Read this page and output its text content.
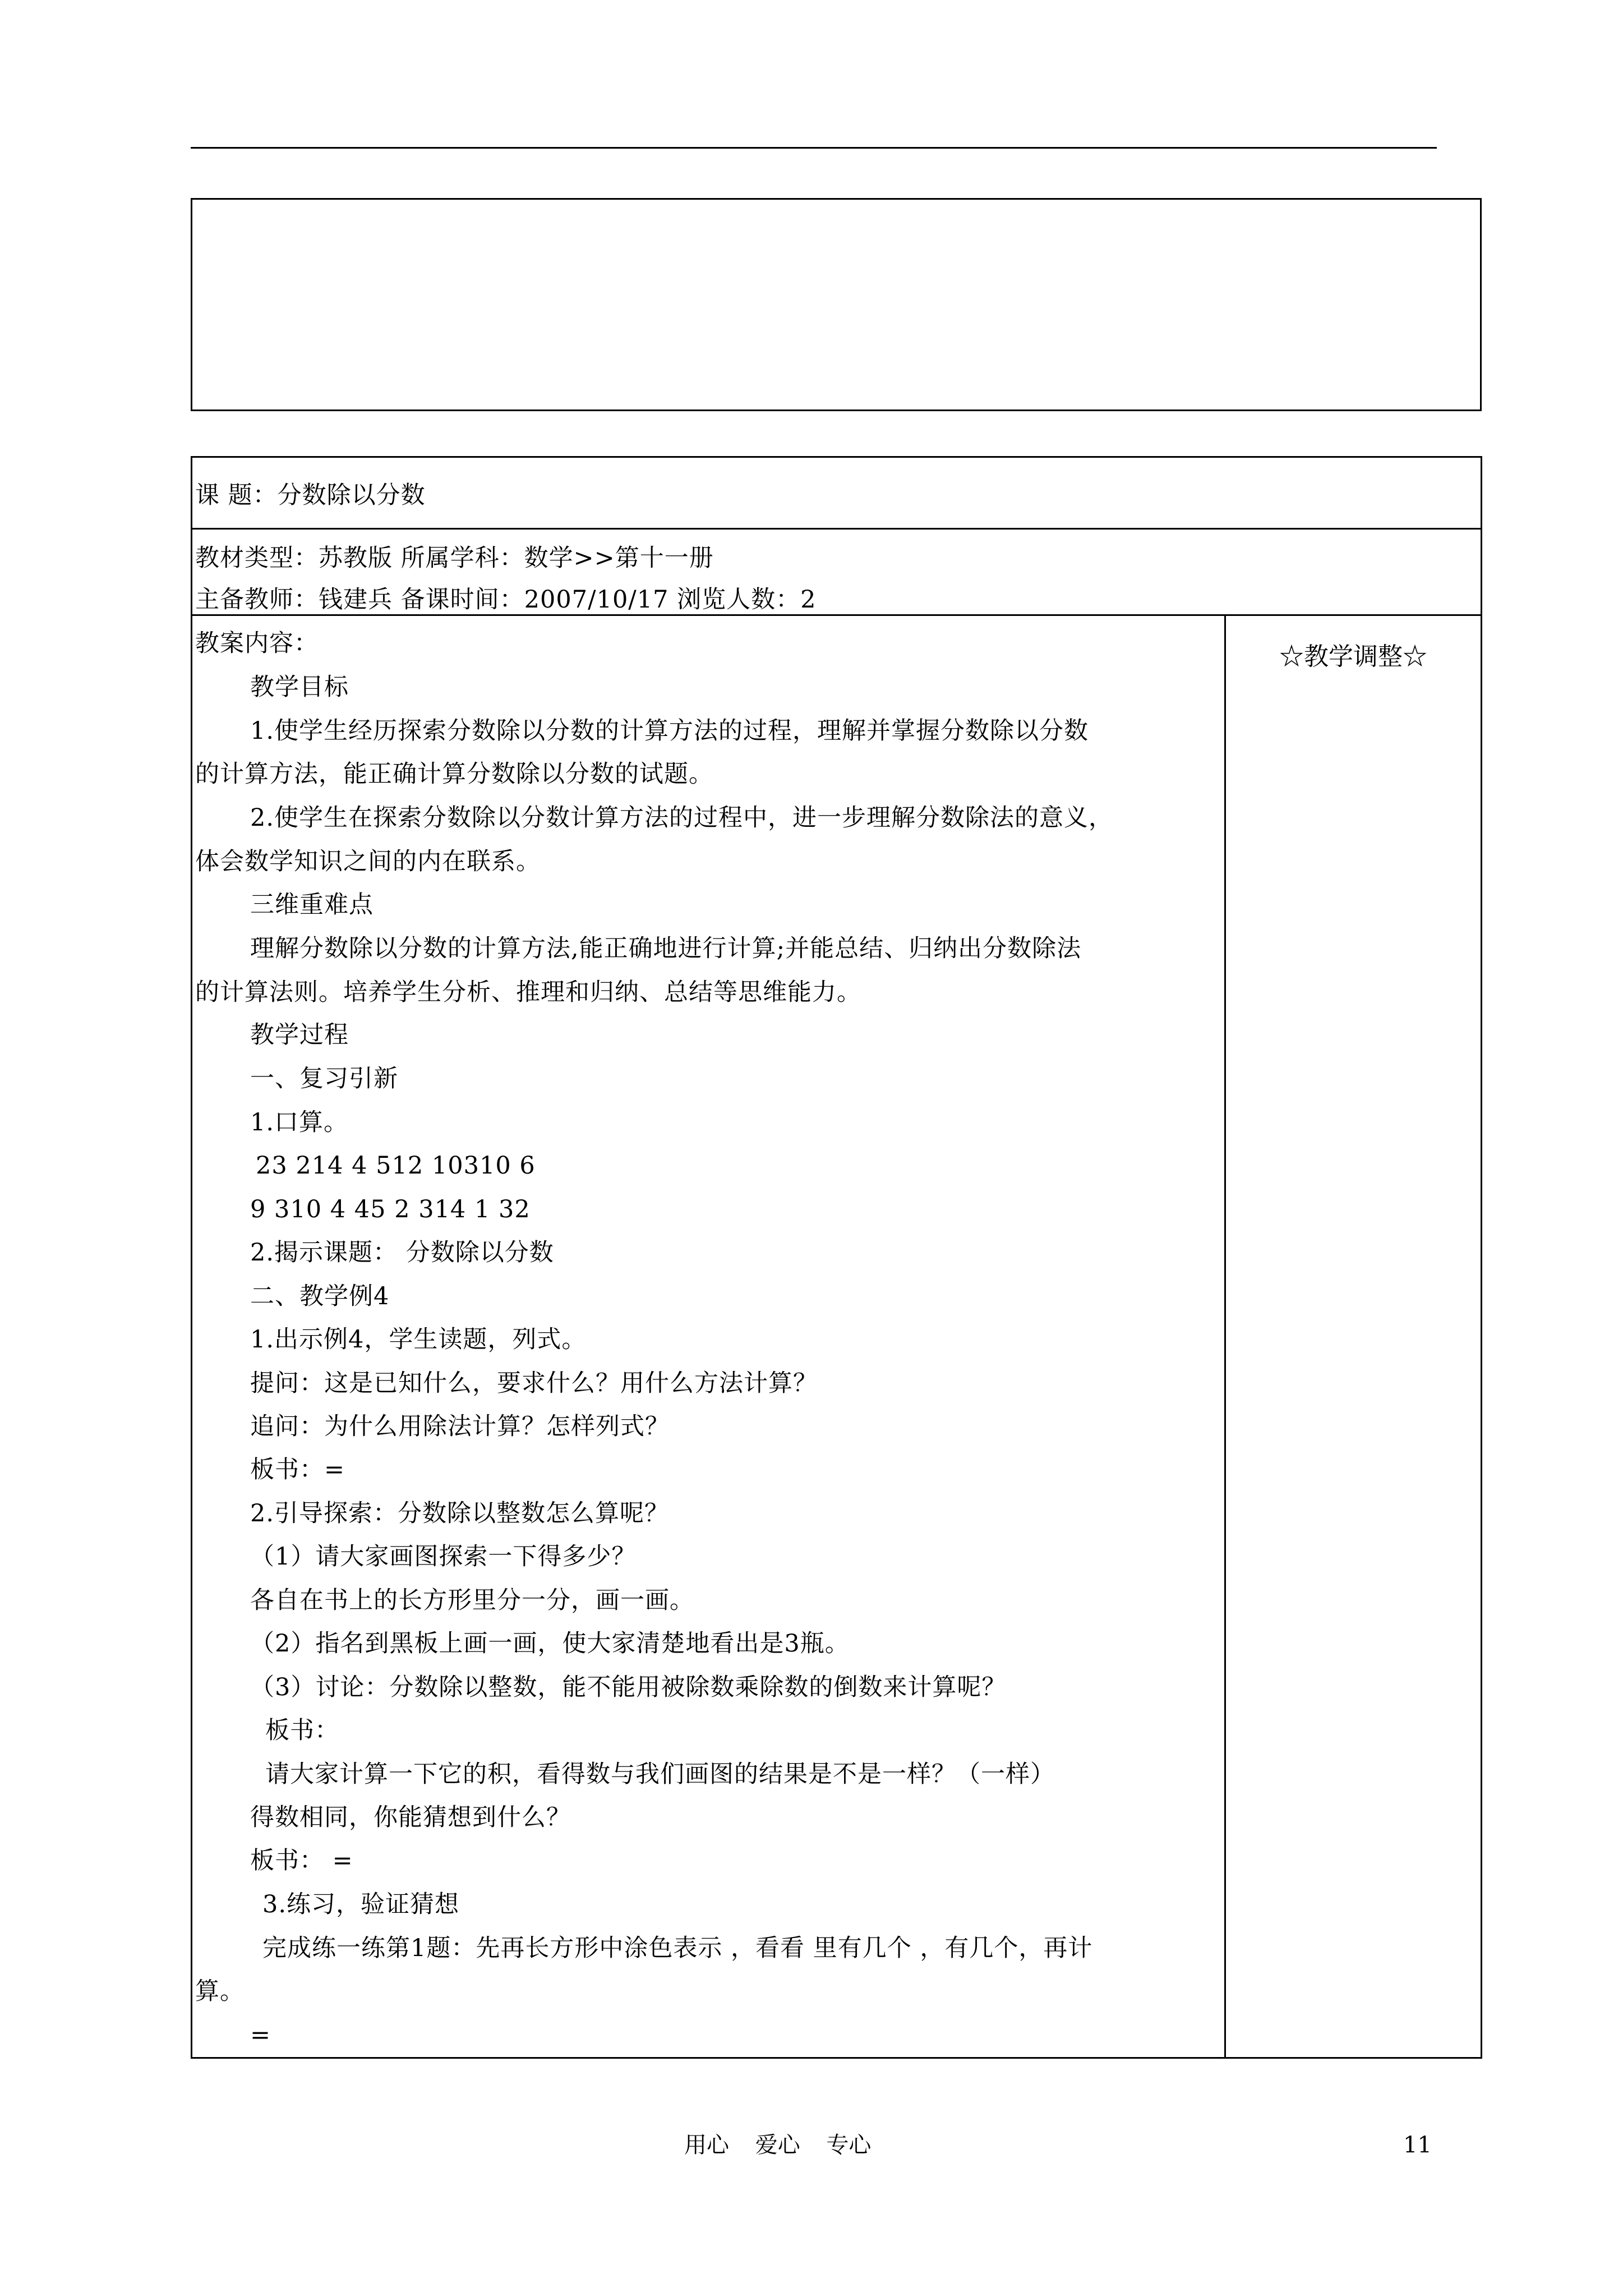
课 题：分数除以分数
教材类型：苏教版 所属学科：数学>>第十一册
主备教师：钱建兵 备课时间：2007/10/17 浏览人数：2
教案内容：
教学目标
1.使学生经历探索分数除以分数的计算方法的过程，理解并掌握分数除以分数
的计算方法，能正确计算分数除以分数的试题。
2.使学生在探索分数除以分数计算方法的过程中，进一步理解分数除法的意义，
体会数学知识之间的内在联系。
三维重难点
理解分数除以分数的计算方法,能正确地进行计算;并能总结、归纳出分数除法
的计算法则。培养学生分析、推理和归纳、总结等思维能力。
教学过程
一、复习引新
1.口算。
23 214 4 512 10310 6
9 310 4 45 2 314 1 32
2.揭示课题： 分数除以分数
二、教学例4
1.出示例4，学生读题，列式。
提问：这是已知什么，要求什么？用什么方法计算？
追问：为什么用除法计算？怎样列式？
板书：=
2.引导探索：分数除以整数怎么算呢？
（1）请大家画图探索一下得多少？
各自在书上的长方形里分一分，画一画。
（2）指名到黑板上画一画，使大家清楚地看出是3瓶。
（3）讨论：分数除以整数，能不能用被除数乘除数的倒数来计算呢？
板书：
请大家计算一下它的积，看得数与我们画图的结果是不是一样？（一样）
得数相同，你能猜想到什么？
板书： =
3.练习，验证猜想
完成练一练第1题：先再长方形中涂色表示 ，看看 里有几个 ，有几个，再计
算。
=
☆教学调整☆
用心 爱心 专心	11
